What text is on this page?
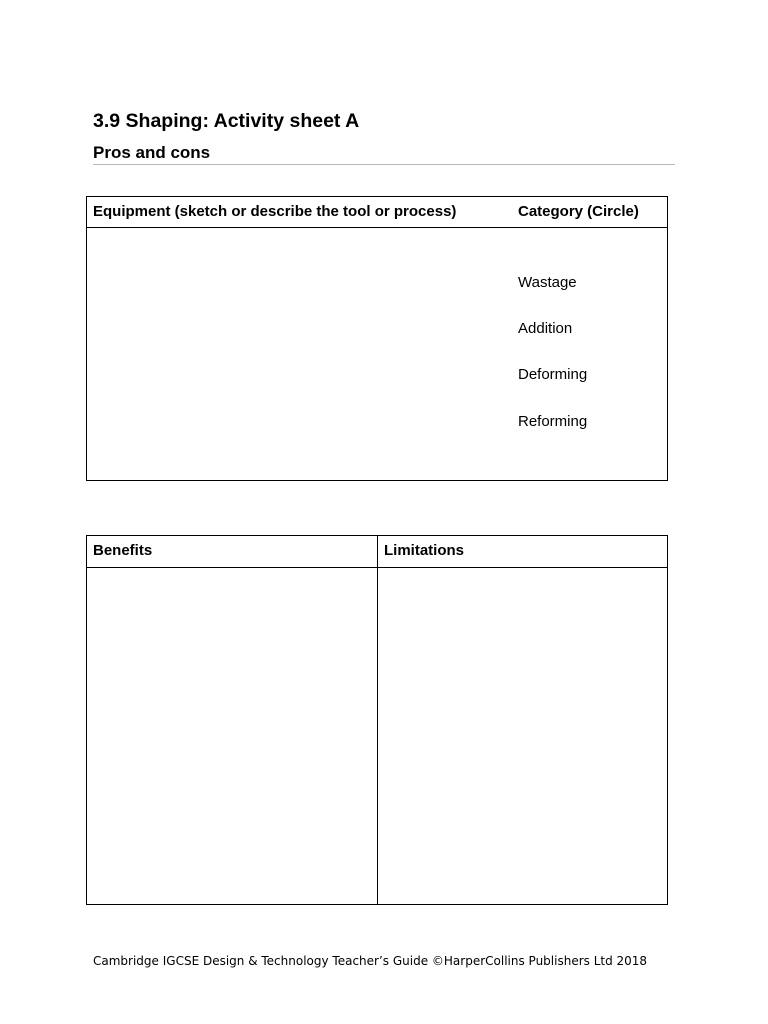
3.9 Shaping: Activity sheet A
Pros and cons
Equipment (sketch or describe the tool or process)	Category (Circle)
Wastage
Addition
Deforming
Reforming
Benefits	Limitations
Cambridge IGCSE Design & Technology Teacher’s Guide ©HarperCollins Publishers Ltd 2018
